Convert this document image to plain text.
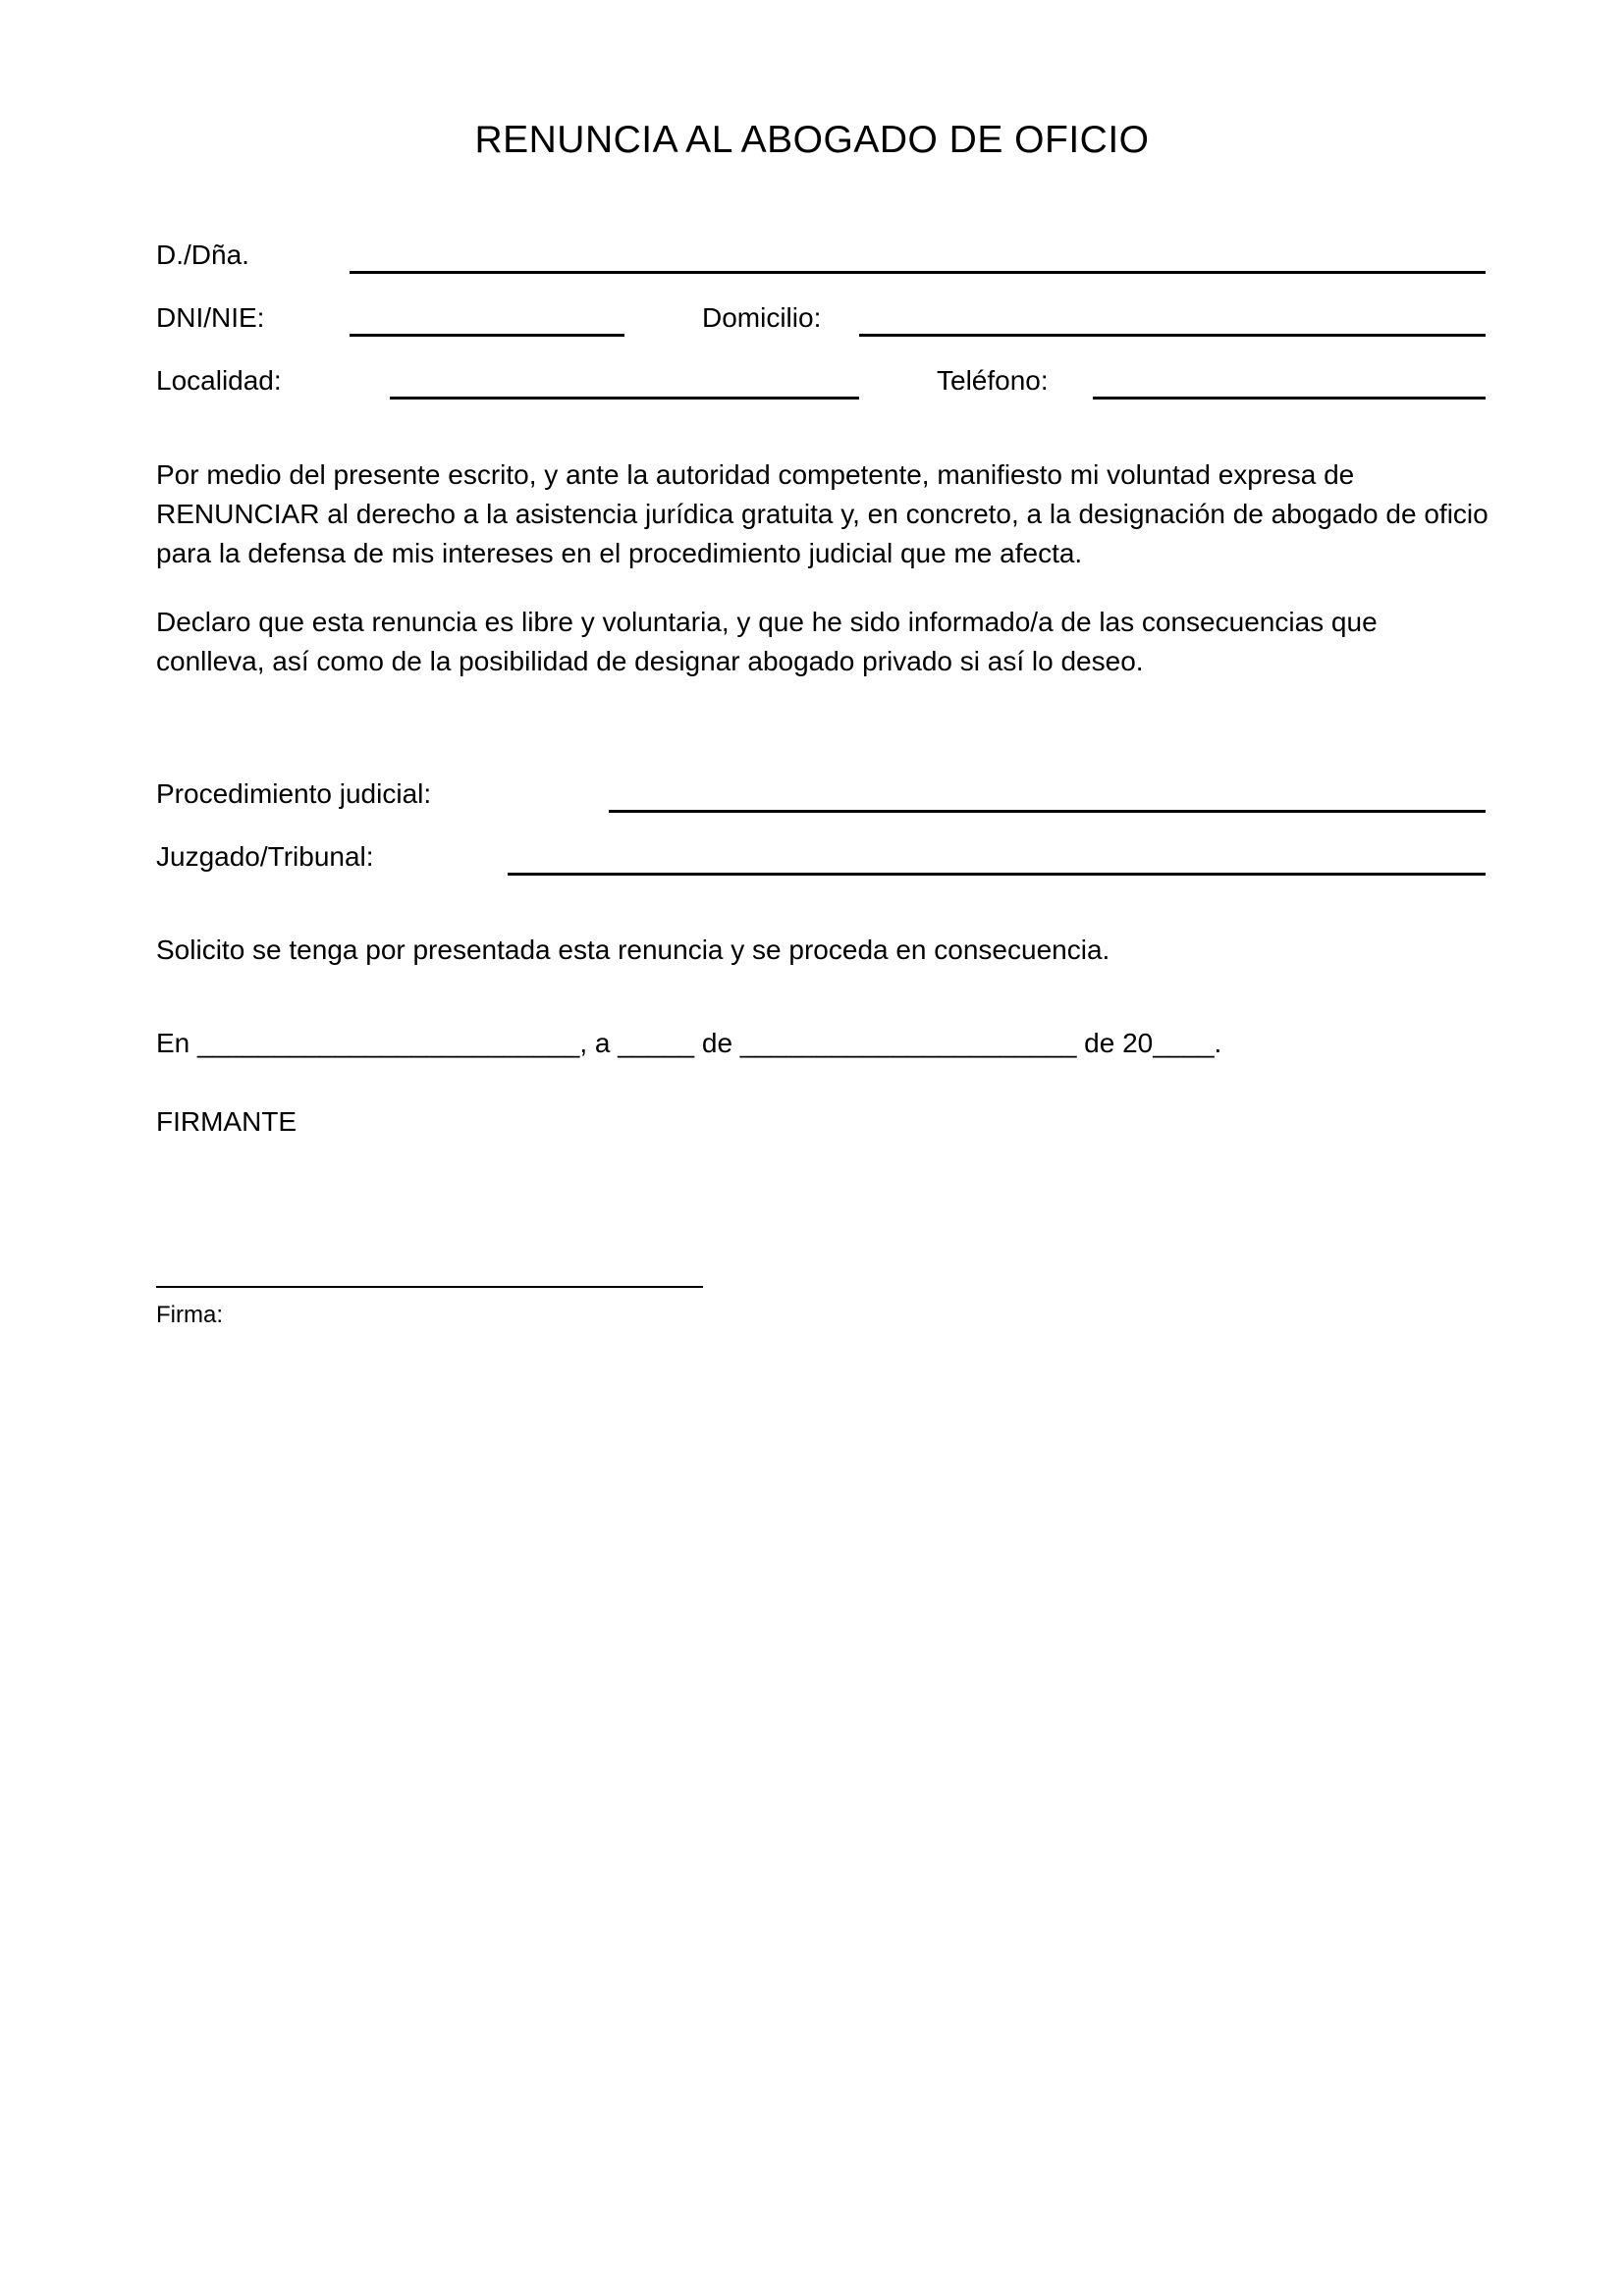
RENUNCIA AL ABOGADO DE OFICIO
D./Dña.
DNI/NIE:	Domicilio:
Localidad:	Teléfono:
Por medio del presente escrito, y ante la autoridad competente, manifiesto mi voluntad expresa de RENUNCIAR al derecho a la asistencia jurídica gratuita y, en concreto, a la designación de abogado de oficio para la defensa de mis intereses en el procedimiento judicial que me afecta.
Declaro que esta renuncia es libre y voluntaria, y que he sido informado/a de las consecuencias que conlleva, así como de la posibilidad de designar abogado privado si así lo deseo.
Procedimiento judicial:
Juzgado/Tribunal:
Solicito se tenga por presentada esta renuncia y se proceda en consecuencia.
En _________________________, a _____ de ______________________ de 20____.
FIRMANTE
Firma:
